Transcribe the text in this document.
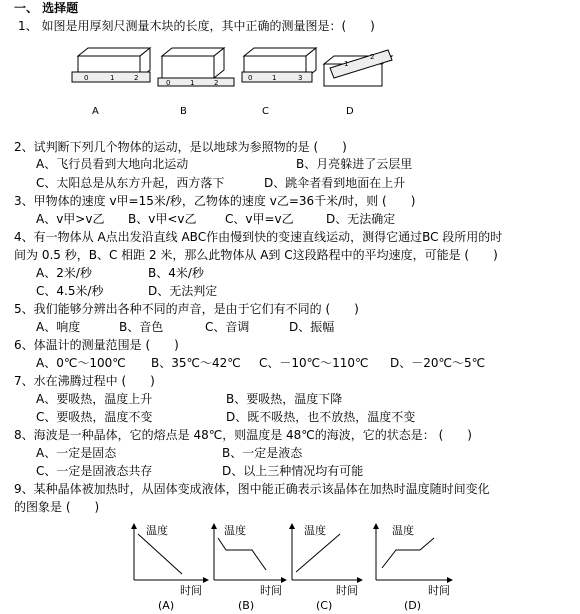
一、 选择题
1、 如图是用厚刻尺测量木块的长度，其中正确的测量图是：(　　)
0	1	2
0	1	2
0	1	3
1
2
A	B	C	D
2、试判断下列几个物体的运动，是以地球为参照物的是 (　　)
A、飞行员看到大地向北运动	B、月亮躲进了云层里
C、太阳总是从东方升起，西方落下	D、跳伞者看到地面在上升
3、甲物体的速度 v甲=15米/秒，乙物体的速度 v乙=36千米/时，则 (　　)
A、v甲>v乙 B、v甲<v乙 C、v甲=v乙	D、无法确定
4、有一物体从 A点出发沿直线 ABC作由慢到快的变速直线运动，测得它通过BC 段所用的时
间为 0.5 秒，B、C 相距 2 米，那么此物体从 A到 C这段路程中的平均速度，可能是 (　　)
A、2米/秒	B、4米/秒
C、4.5米/秒	D、无法判定
5、我们能够分辨出各种不同的声音，是由于它们有不同的 (　　)
A、响度	B、音色	C、音调	D、振幅
6、体温计的测量范围是 (　　)
A、0℃～100℃ B、35℃～42℃ C、－10℃～110℃ D、－20℃～5℃
7、水在沸腾过程中 (　　)
A、要吸热，温度上升	B、要吸热，温度下降
C、要吸热，温度不变	D、既不吸热，也不放热，温度不变
8、海波是一种晶体，它的熔点是 48℃，则温度是 48℃的海波，它的状态是： (　　)
A、一定是固态	B、一定是液态
C、一定是固液态共存	D、以上三种情况均有可能
9、某种晶体被加热时，从固体变成液体，图中能正确表示该晶体在加热时温度随时间变化
的图象是 (　　)
温度
时间
(A)
温度
时间
(B)
温度
时间
(C)
温度
时间
(D)
